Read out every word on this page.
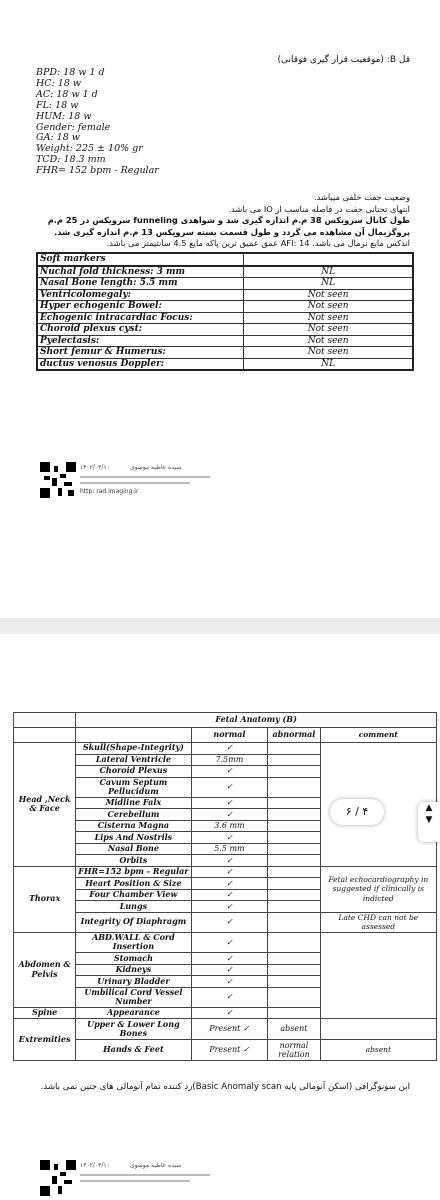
قل B: (موقعیت قرار گیری فوقانی)
BPD: 18 w 1 d
HC: 18 w
AC: 18 w 1 d
FL: 18 w
HUM: 18 w
Gender: female
GA: 18 w
Weight: 225 ± 10% gr
TCD: 18.3 mm
FHR= 152 bpm - Regular
وضعیت جفت خلفی میباشد.
انتهای تحتانی جفت در فاصله مناسب از IO می باشد.
طول کانال سرویکس 38 م.م اندازه گیری شد و شواهدی funneling سرویکس در 25 م.م
پروگزیمال آن مشاهده می گردد و طول قسمت بسته سرویکس 13 م.م اندازه گیری شد.
اندکس مایع نرمال می باشد. AFI: 14 عمق عمیق ترین پاکه مایع 4.5 سانتیمتر می باشد.
Soft markers	
Nuchal fold thickness: 3 mm	NL
Nasal Bone length: 5.5 mm	NL
Ventricolomegaly:	Not seen
Hyper echogenic Bowel:	Not seen
Echogenic intracardiac Focus:	Not seen
Choroid plexus cyst:	Not seen
Pyelectasis:	Not seen
Short femur & Humerus:	Not seen
ductus venosus Doppler:	NL
۱۴۰۲/۰۳/۱۰	سیده عاطیه موسوی
http: rad imaging.ir
	Fetal Anatomy (B)			
		normal	abnormal	comment
Head ,Neck & Face	Skull(Shape-Integrity)	✓		
	Lateral Ventricle	7.5mm		
	Choroid Plexus	✓		
	Cavum Septum Pellucidum	✓		
	Midline Falx	✓		
	Cerebellum	✓		
	Cisterna Magna	3.6 mm		
	Lips And Nostrils	✓		
	Nasal Bone	5.5 mm		
	Orbits	✓		
Thorax	FHR=152 bpm - Regular	✓		Fetal echocardiography in suggested if clinically is indicted
	Heart Position & Size	✓		
	Four Chamber View	✓		
	Lungs	✓		
	Integrity Of Diaphragm	✓		Late CHD can not be assessed
Abdomen & Pelvis	ABD.WALL & Cord Insertion	✓		
	Stomach	✓		
	Kidneys	✓		
	Urinary Bladder	✓		
	Umbilical Cord Vessel Number	✓		
Spine	Appearance	✓		
Extremities	Upper & Lower Long Bones	Present ✓	absent	
	Hands & Feet	Present ✓	normal relation	absent
این سونوگرافی (اسکن آنومالی پایه Basic Anomaly scan)رد کننده تمام آنومالی های جنین نمی باشد.
۱۴۰۲/۰۳/۱۰	سیده عاطیه موسوی
۶ / ۴	▲
▼
